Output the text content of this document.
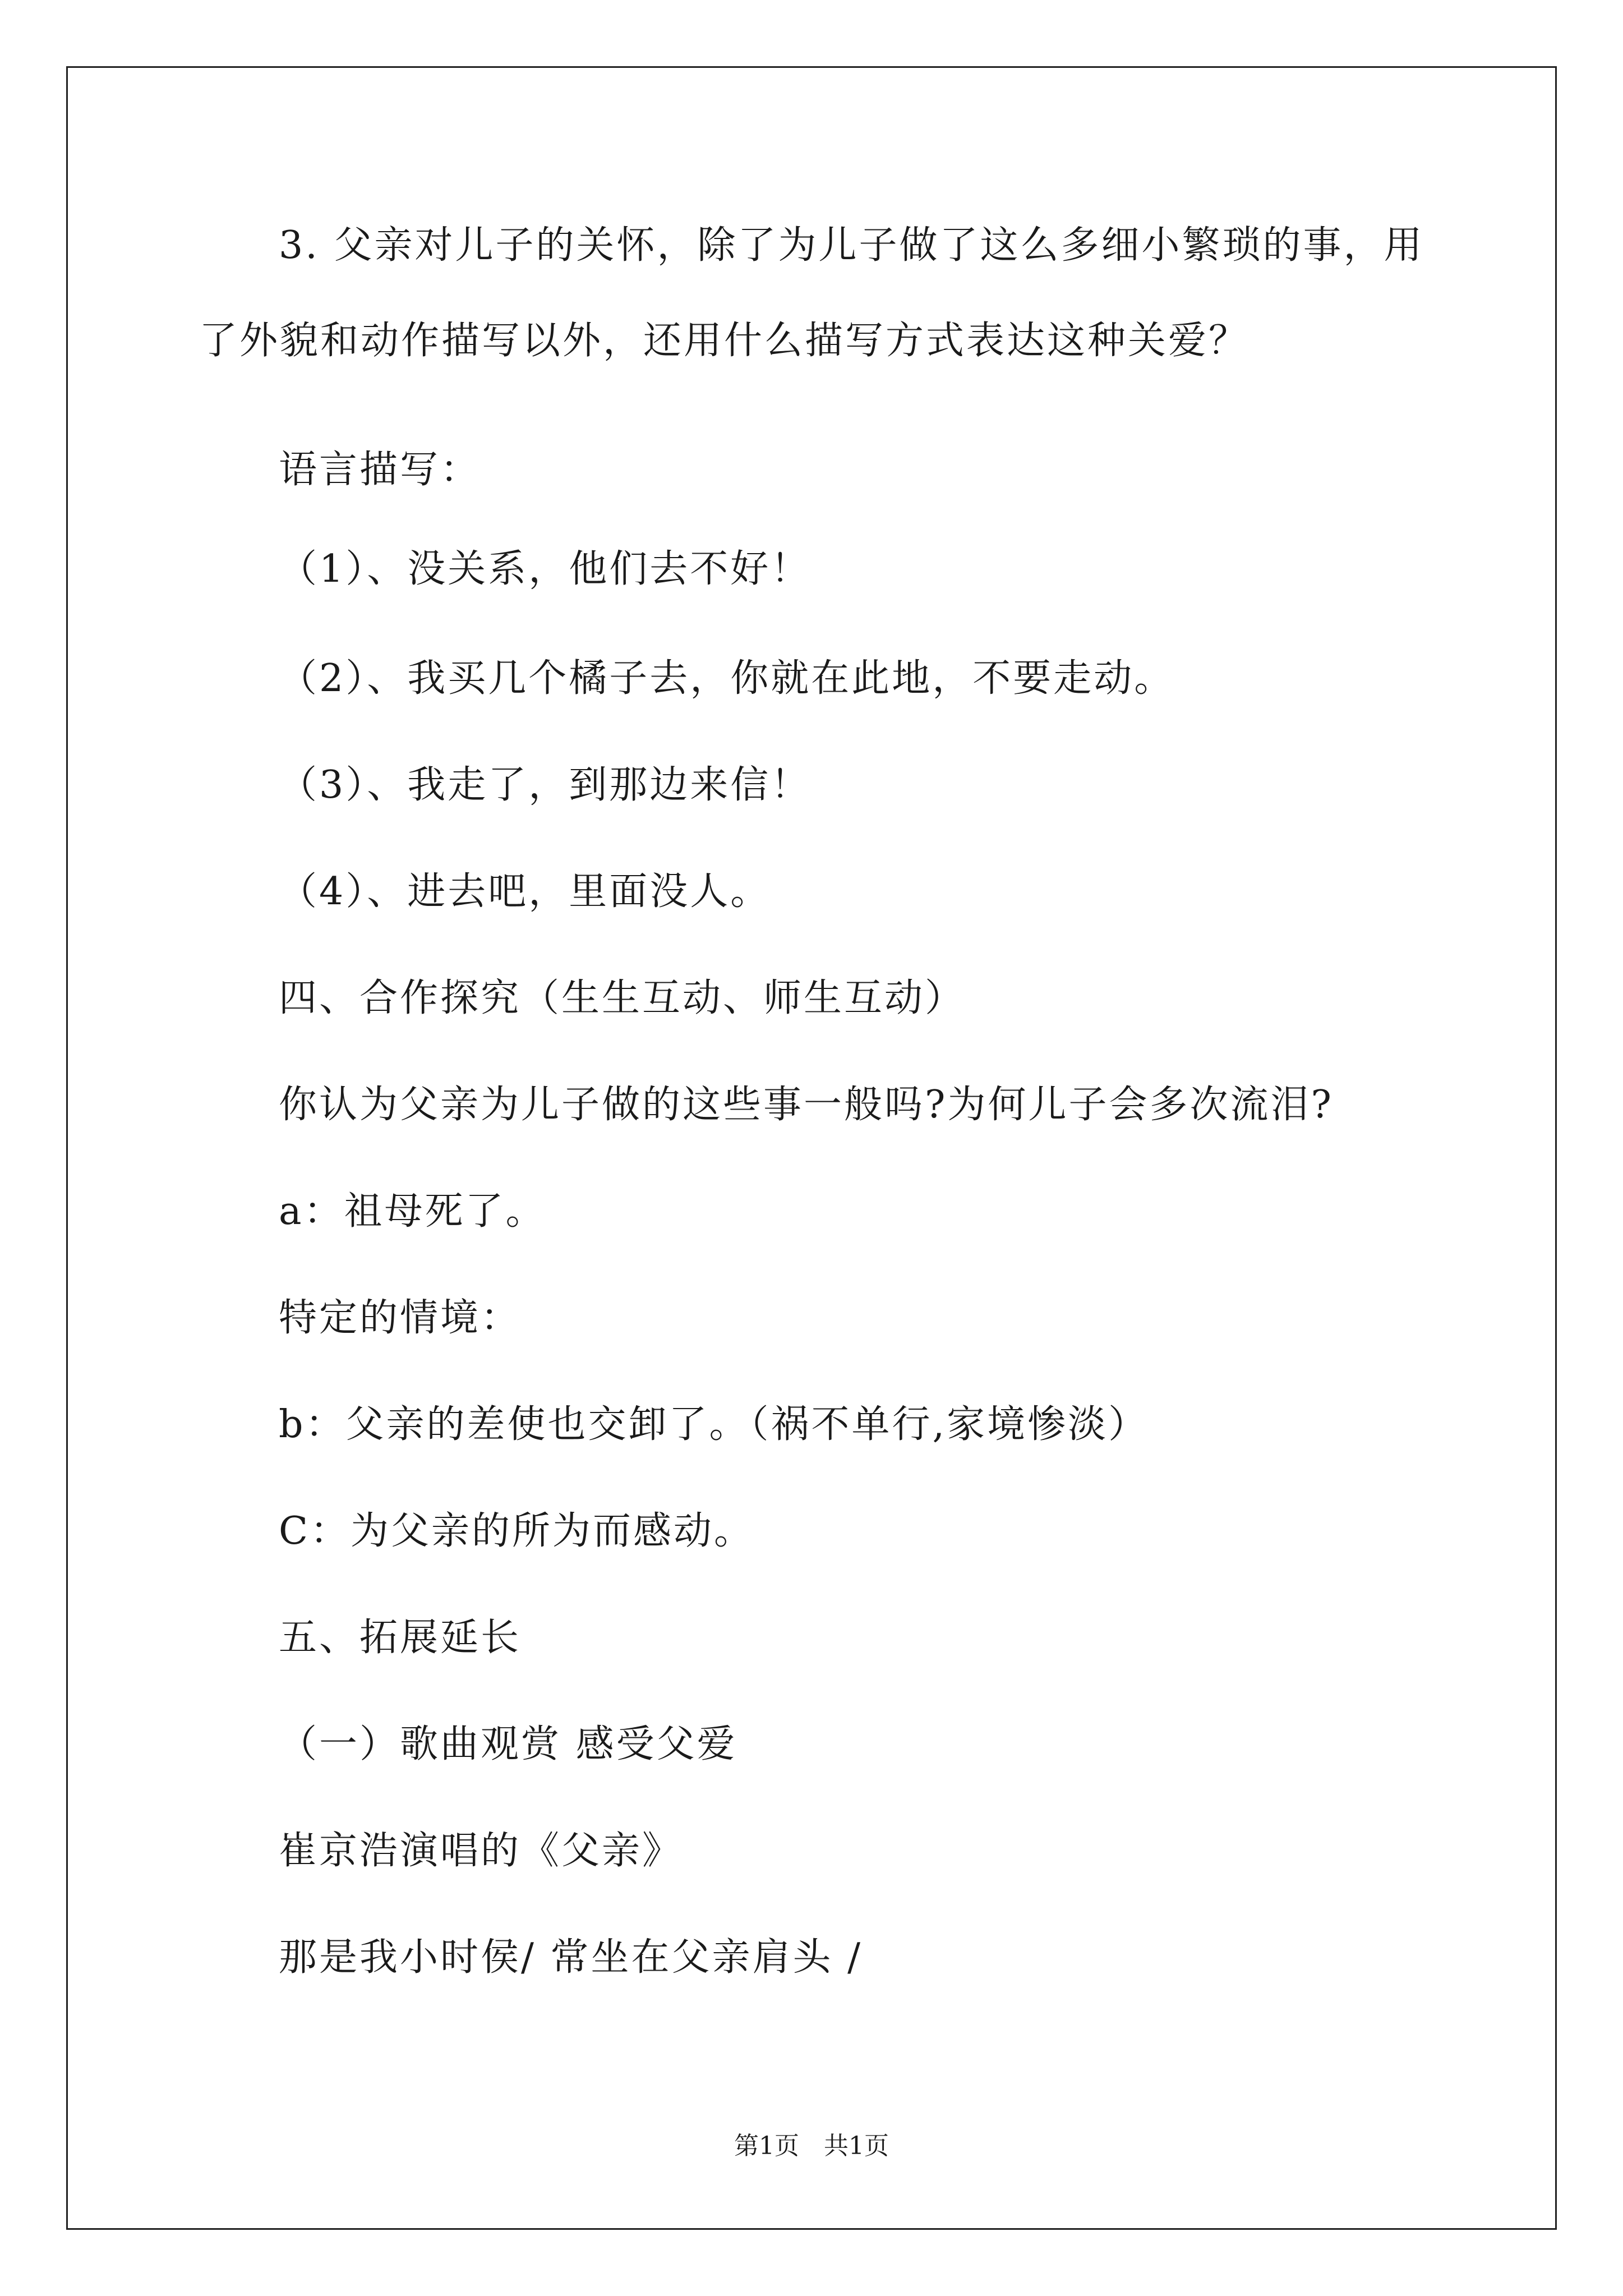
3. 父亲对儿子的关怀，除了为儿子做了这么多细小繁琐的事，用
了外貌和动作描写以外，还用什么描写方式表达这种关爱？
语言描写：
（1）、没关系，他们去不好！
（2）、我买几个橘子去，你就在此地，不要走动。
（3）、我走了，到那边来信！
（4）、进去吧，里面没人。
四、合作探究（生生互动、师生互动）
你认为父亲为儿子做的这些事一般吗?为何儿子会多次流泪?
a：祖母死了。
特定的情境：
b：父亲的差使也交卸了。（祸不单行,家境惨淡）
C：为父亲的所为而感动。
五、拓展延长
（一）歌曲观赏 感受父爱
崔京浩演唱的《父亲》
那是我小时侯/ 常坐在父亲肩头 /
第1页　共1页
